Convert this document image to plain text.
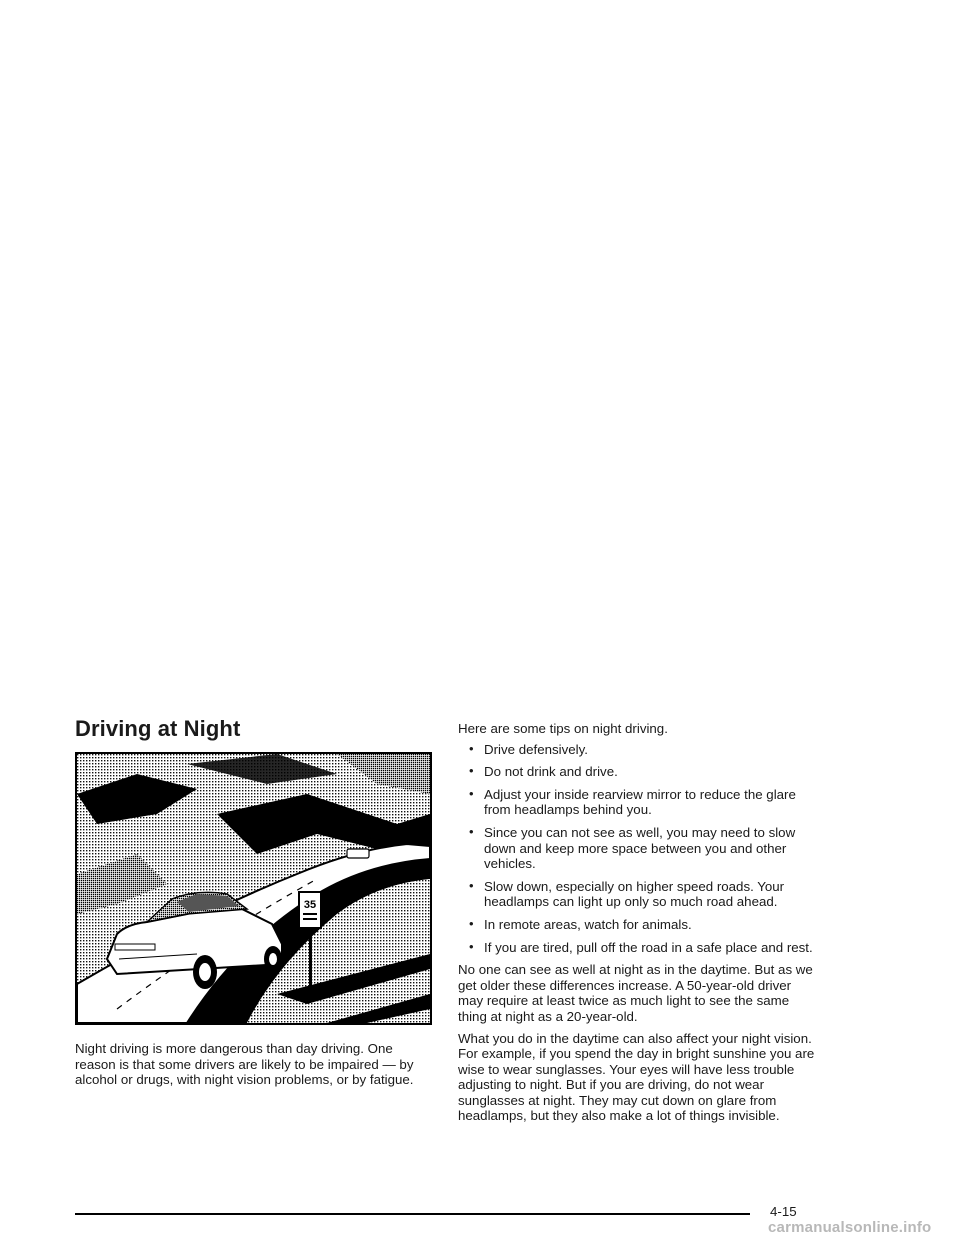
Driving at Night
35
Night driving is more dangerous than day driving. One reason is that some drivers are likely to be impaired — by alcohol or drugs, with night vision problems, or by fatigue.

Here are some tips on night driving.

• Drive defensively.
• Do not drink and drive.
• Adjust your inside rearview mirror to reduce the glare from headlamps behind you.
• Since you can not see as well, you may need to slow down and keep more space between you and other vehicles.
• Slow down, especially on higher speed roads. Your headlamps can light up only so much road ahead.
• In remote areas, watch for animals.
• If you are tired, pull off the road in a safe place and rest.

No one can see as well at night as in the daytime. But as we get older these differences increase. A 50-year-old driver may require at least twice as much light to see the same thing at night as a 20-year-old.

What you do in the daytime can also affect your night vision. For example, if you spend the day in bright sunshine you are wise to wear sunglasses. Your eyes will have less trouble adjusting to night. But if you are driving, do not wear sunglasses at night. They may cut down on glare from headlamps, but they also make a lot of things invisible.

4-15
carmanualsonline.info
